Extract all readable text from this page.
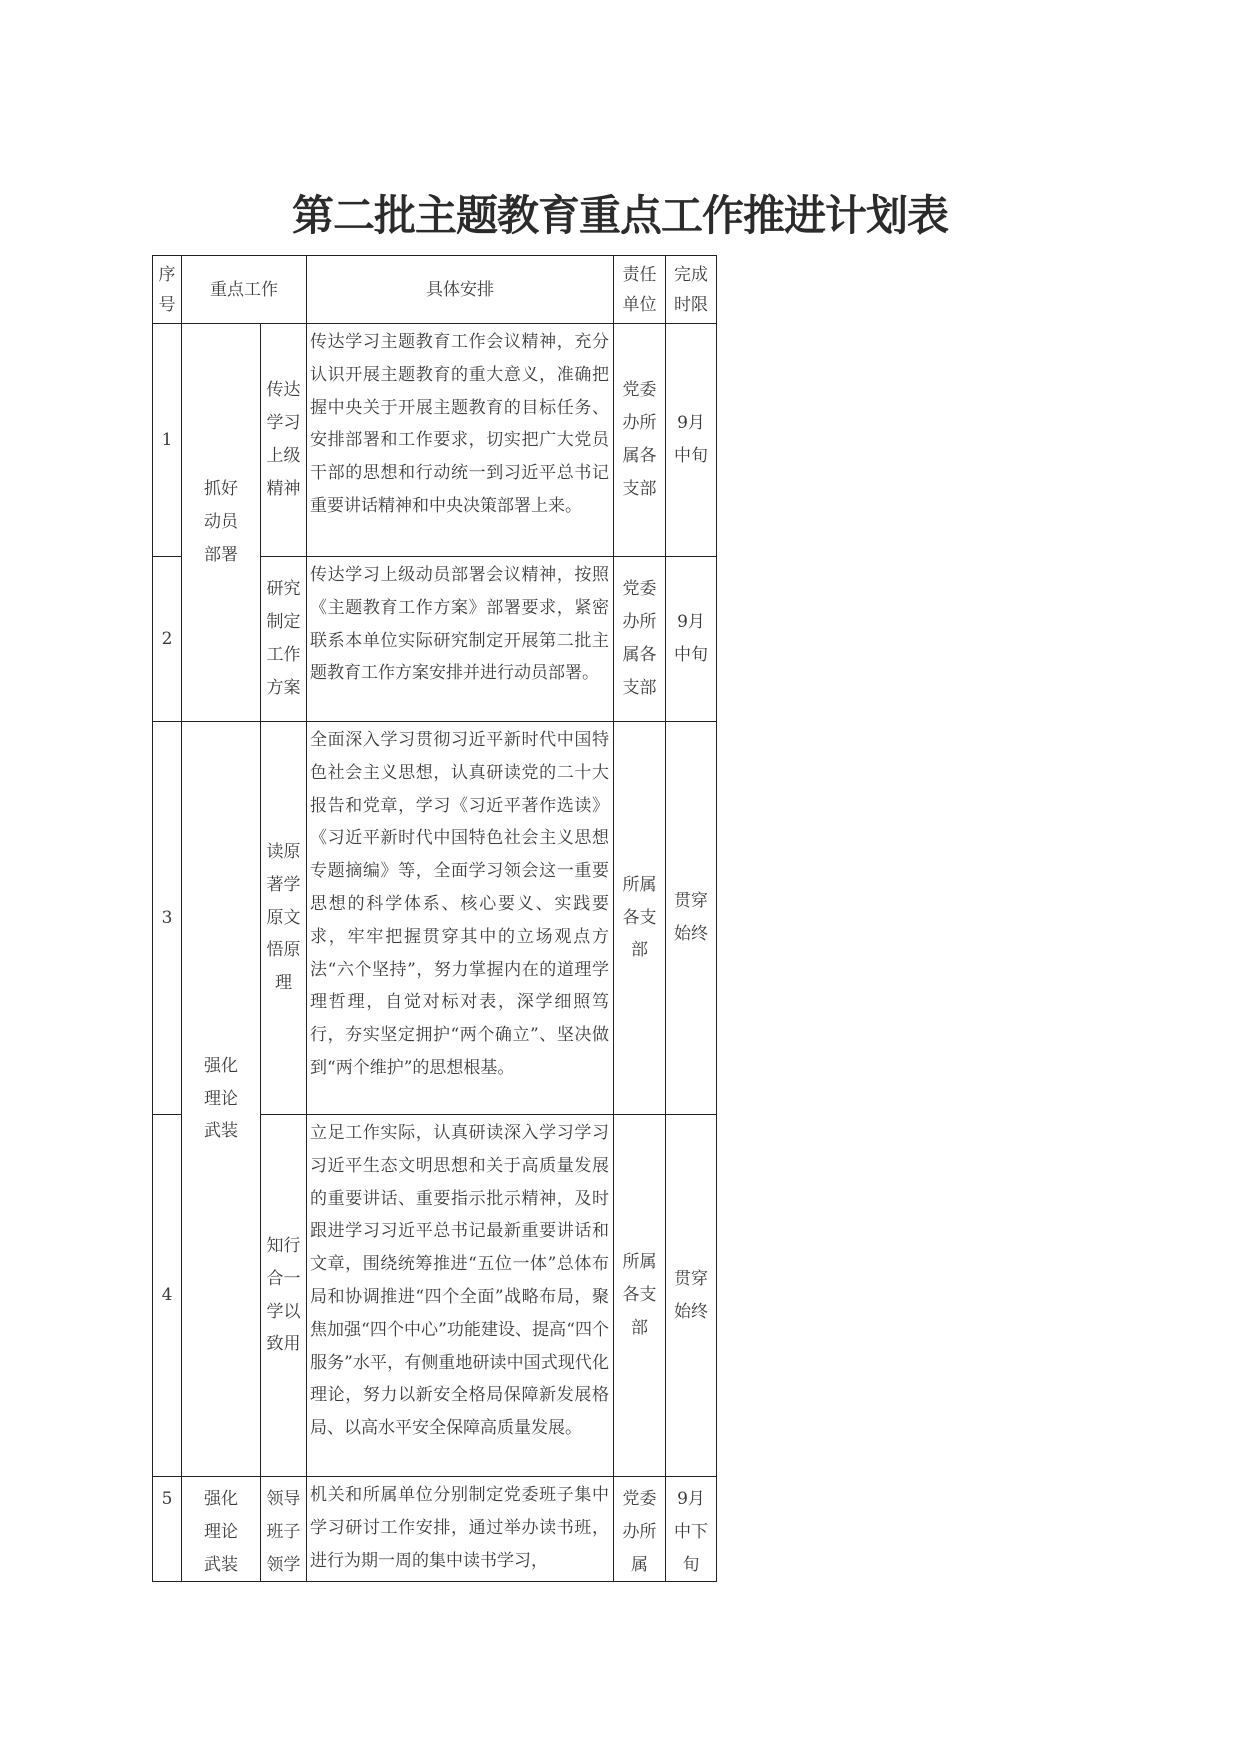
第二批主题教育重点工作推进计划表
序号	重点工作		具体安排	责任单位	完成时限
1	抓好动员部署	传达学习上级精神	传达学习主题教育工作会议精神，充分认识开展主题教育的重大意义，准确把握中央关于开展主题教育的目标任务、安排部署和工作要求，切实把广大党员干部的思想和行动统一到习近平总书记重要讲话精神和中央决策部署上来。	党委办所属各支部	9月中旬
2		研究制定工作方案	传达学习上级动员部署会议精神，按照《主题教育工作方案》部署要求，紧密联系本单位实际研究制定开展第二批主题教育工作方案安排并进行动员部署。	党委办所属各支部	9月中旬
3	强化理论武装	读原著学原文悟原理	全面深入学习贯彻习近平新时代中国特色社会主义思想，认真研读党的二十大报告和党章，学习《习近平著作选读》《习近平新时代中国特色社会主义思想专题摘编》等，全面学习领会这一重要思想的科学体系、核心要义、实践要求，牢牢把握贯穿其中的立场观点方法“六个坚持”，努力掌握内在的道理学理哲理，自觉对标对表，深学细照笃行，夯实坚定拥护“两个确立”、坚决做到“两个维护”的思想根基。	所属各支部	贯穿始终
4		知行合一学以致用	立足工作实际，认真研读深入学习学习习近平生态文明思想和关于高质量发展的重要讲话、重要指示批示精神，及时跟进学习习近平总书记最新重要讲话和文章，围绕统筹推进“五位一体”总体布局和协调推进“四个全面”战略布局，聚焦加强“四个中心”功能建设、提高“四个服务”水平，有侧重地研读中国式现代化理论，努力以新安全格局保障新发展格局、以高水平安全保障高质量发展。	所属各支部	贯穿始终
5	强化理论武装	领导班子领学	机关和所属单位分别制定党委班子集中学习研讨工作安排，通过举办读书班，进行为期一周的集中读书学习，	党委办所属	9月中下旬
